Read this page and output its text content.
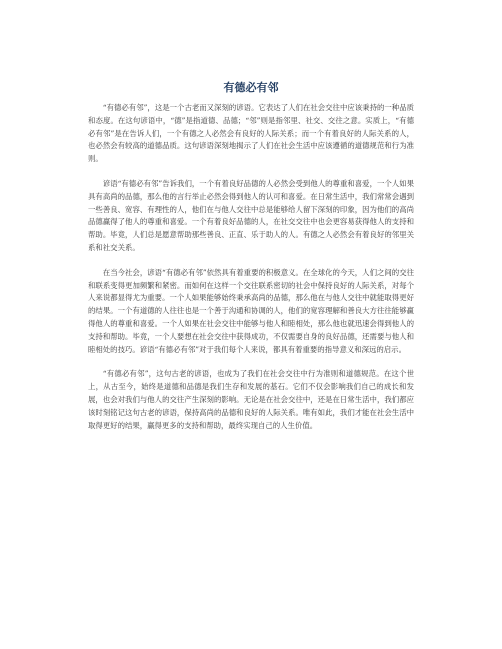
有德必有邻

“有德必有邻”，这是一个古老而又深刻的谚语。它表达了人们在社会交往中应该秉持的一种品质和态度。在这句谚语中，“德”是指道德、品德；“邻”则是指邻里、社交、交往之意。实质上，“有德必有邻”是在告诉人们，一个有德之人必然会有良好的人际关系；而一个有着良好的人际关系的人，也必然会有较高的道德品质。这句谚语深刻地揭示了人们在社会生活中应该遵循的道德规范和行为准则。

谚语“有德必有邻”告诉我们，一个有着良好品德的人必然会受到他人的尊重和喜爱，一个人如果具有高尚的品德，那么他的言行举止必然会得到他人的认可和喜爱。在日常生活中，我们常常会遇到一些善良、宽容、有理性的人，他们在与他人交往中总是能够给人留下深刻的印象，因为他们的高尚品德赢得了他人的尊重和喜爱。一个有着良好品德的人，在社交交往中也会更容易获得他人的支持和帮助。毕竟，人们总是愿意帮助那些善良、正直、乐于助人的人。有德之人必然会有着良好的邻里关系和社交关系。

在当今社会，谚语“有德必有邻”依然具有着重要的积极意义。在全球化的今天，人们之间的交往和联系变得更加频繁和紧密。而如何在这样一个交往联系密切的社会中保持良好的人际关系，对每个人来说都显得尤为重要。一个人如果能够始终秉承高尚的品德，那么他在与他人交往中就能取得更好的结果。一个有道德的人往往也是一个善于沟通和协调的人，他们的宽容理解和善良大方往往能够赢得他人的尊重和喜爱。一个人如果在社会交往中能够与他人和睦相处，那么他也就迅速会得到他人的支持和帮助。毕竟，一个人要想在社会交往中获得成功，不仅需要自身的良好品德，还需要与他人和睦相处的技巧。谚语“有德必有邻”对于我们每个人来说，都具有着重要的指导意义和深远的启示。

“有德必有邻”，这句古老的谚语，也成为了我们在社会交往中行为准则和道德规范。在这个世上，从古至今，始终是道德和品德是我们生存和发展的基石。它们不仅会影响我们自己的成长和发展，也会对我们与他人的交往产生深刻的影响。无论是在社会交往中，还是在日常生活中，我们都应该时刻铭记这句古老的谚语，保持高尚的品德和良好的人际关系。唯有如此，我们才能在社会生活中取得更好的结果，赢得更多的支持和帮助，最终实现自己的人生价值。
